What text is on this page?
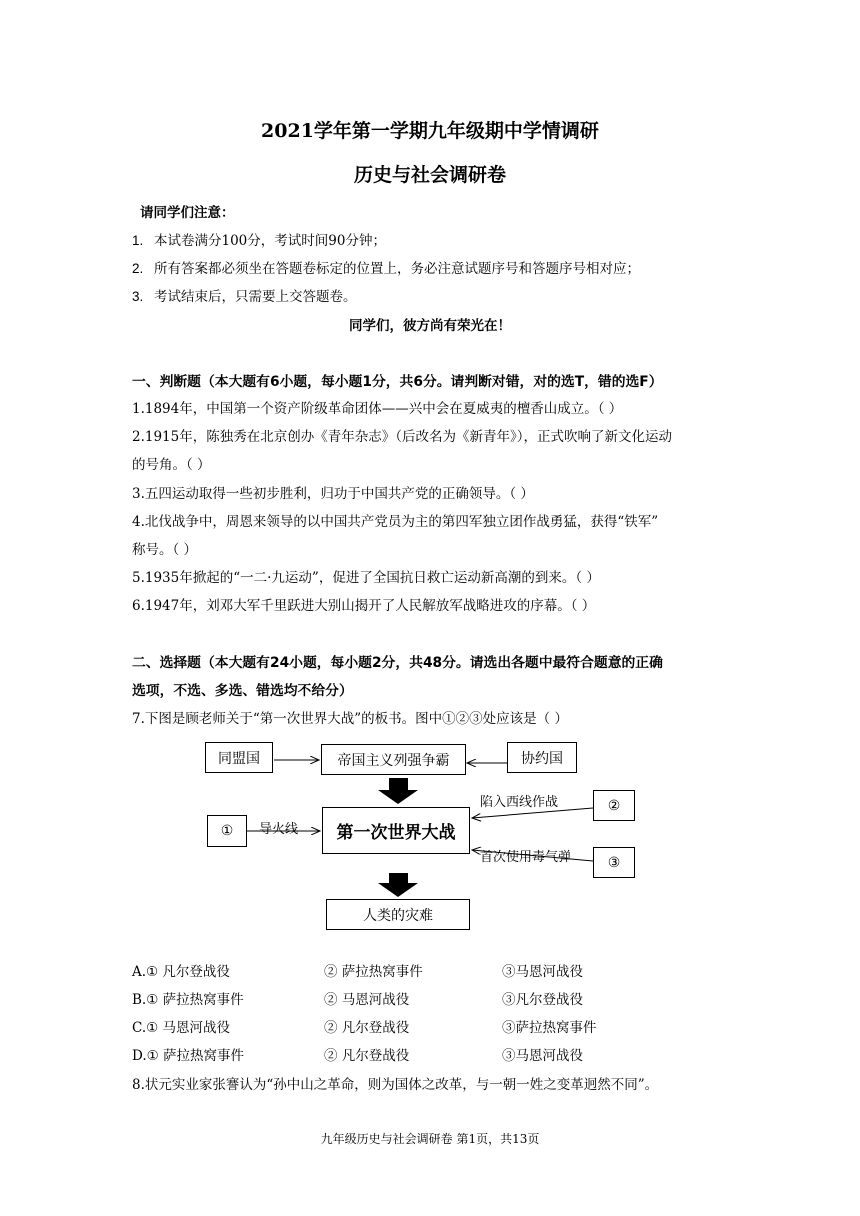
2021学年第一学期九年级期中学情调研
历史与社会调研卷
请同学们注意：
1. 本试卷满分100分，考试时间90分钟；
2. 所有答案都必须坐在答题卷标定的位置上，务必注意试题序号和答题序号相对应；
3. 考试结束后，只需要上交答题卷。
同学们，彼方尚有荣光在！
一、判断题（本大题有6小题，每小题1分，共6分。请判断对错，对的选T，错的选F）
1.1894年，中国第一个资产阶级革命团体——兴中会在夏威夷的檀香山成立。（ ）
2.1915年，陈独秀在北京创办《青年杂志》（后改名为《新青年》），正式吹响了新文化运动
的号角。（ ）
3.五四运动取得一些初步胜利，归功于中国共产党的正确领导。（ ）
4.北伐战争中，周恩来领导的以中国共产党员为主的第四军独立团作战勇猛，获得“铁军”
称号。（ ）
5.1935年掀起的“一二·九运动”，促进了全国抗日救亡运动新高潮的到来。（ ）
6.1947年，刘邓大军千里跃进大别山揭开了人民解放军战略进攻的序幕。（ ）
二、选择题（本大题有24小题，每小题2分，共48分。请选出各题中最符合题意的正确
选项，不选、多选、错选均不给分）
7.下图是顾老师关于“第一次世界大战”的板书。图中①②③处应该是（ ）
同盟国	帝国主义列强争霸	协约国
①	第一次世界大战
②
③
人类的灾难
导火线
陷入西线作战
首次使用毒气弹
A.① 凡尔登战役	② 萨拉热窝事件	③马恩河战役
B.① 萨拉热窝事件	② 马恩河战役	③凡尔登战役
C.① 马恩河战役	② 凡尔登战役	③萨拉热窝事件
D.① 萨拉热窝事件	② 凡尔登战役	③马恩河战役
8.状元实业家张謇认为“孙中山之革命，则为国体之改革，与一朝一姓之变革迥然不同”。
九年级历史与社会调研卷 第1页，共13页
